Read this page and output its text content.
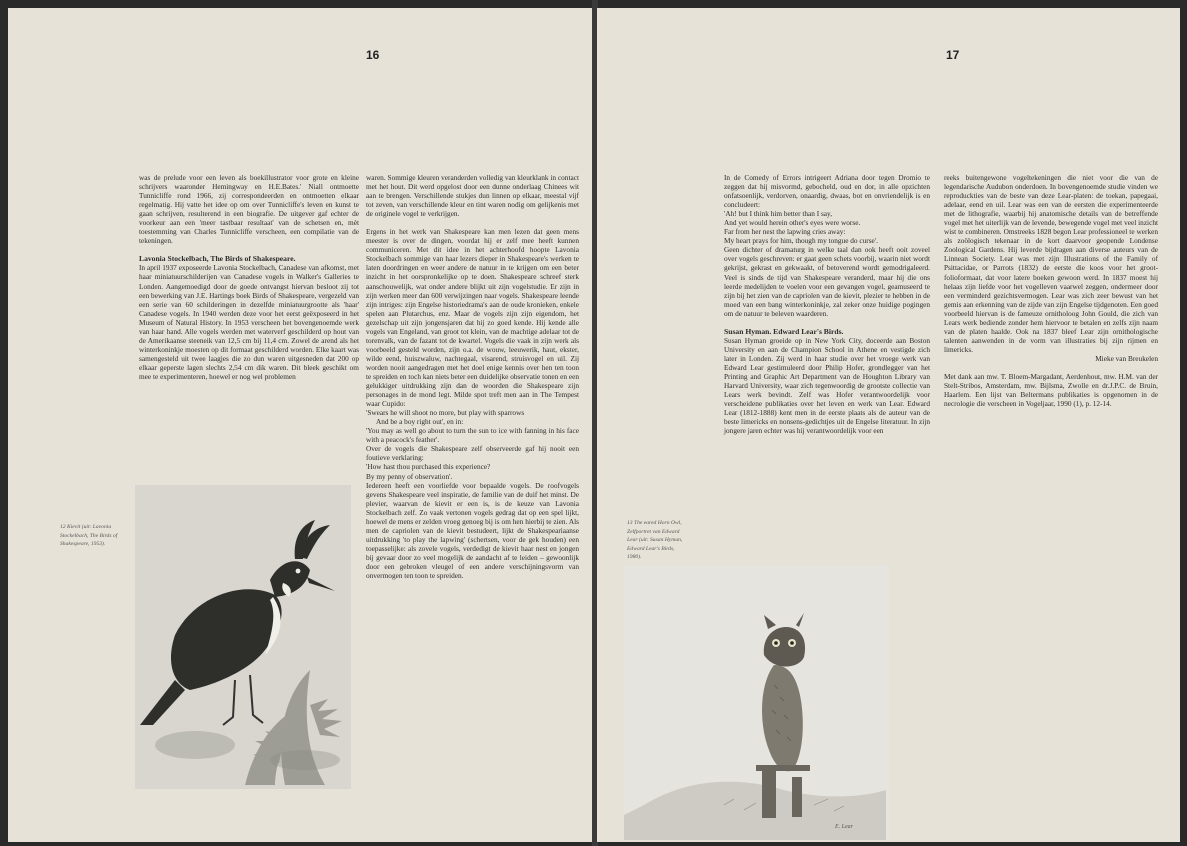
16

was de prelude voor een leven als boekillustrator voor grote en kleine schrijvers waaronder Hemingway en H.E.Bates.' Niall ontmoette Tunnicliffe rond 1966, zij correspondeerden en ontmoetten elkaar regelmatig. Hij vatte het idee op om over Tunnicliffe's leven en kunst te gaan schrijven, resulterend in een biografie. De uitgever gaf echter de voorkeur aan een 'meer tastbaar resultaat' van de schetsen en, mèt toestemming van Charles Tunnicliffe verscheen, een compilatie van de tekeningen.

Lavonia Stockelbach, The Birds of Shakespeare.

In april 1937 exposeerde Lavonia Stockelbach, Canadese van afkomst, met haar miniatuurschilderijen van Canadese vogels in Walker's Galleries te Londen. Aangemoedigd door de goede ontvangst hiervan besloot zij tot een bewerking van J.E. Hartings boek Birds of Shakespeare, vergezeld van een serie van 60 schilderingen in dezelfde miniatuurgrootte als 'haar' Canadese vogels. In 1940 werden deze voor het eerst geëxposeerd in het Museum of Natural History. In 1953 verscheen het bovengenoemde werk van haar hand. Alle vogels werden met waterverf geschilderd op hout van de Amerikaanse steeneik van 12,5 cm bij 11,4 cm. Zowel de arend als het winterkoninkje moesten op dit formaat geschilderd worden. Elke kaart was samengesteld uit twee laagjes die zo dun waren uitgesneden dat 200 op elkaar geperste lagen slechts 2,54 cm dik waren. Dit bleek geschikt om mee te experimenteren, hoewel er nog wel problemen

12 Kievit (uit: Lavonia Stockelbach, The Birds of Shakespeare, 1953).

waren. Sommige kleuren veranderden volledig van kleurklank in contact met het hout. Dit werd opgelost door een dunne onderlaag Chinees wit aan te brengen. Verschillende stukjes dun linnen op elkaar, meestal vijf tot zeven, van verschillende kleur en tint waren nodig om gelijkenis met de originele vogel te verkrijgen.

Ergens in het werk van Shakespeare kan men lezen dat geen mens meester is over de dingen, voordat hij er zelf mee heeft kunnen communiceren. Met dit idee in het achterhoofd hoopte Lavonia Stockelbach sommige van haar lezers dieper in Shakespeare's werken te laten doordringen en weer andere de natuur in te krijgen om een beter inzicht in het oorspronkelijke op te doen. Shakespeare schreef sterk aanschouwelijk, wat onder andere blijkt uit zijn vogelstudie. Er zijn in zijn werken meer dan 600 verwijzingen naar vogels. Shakespeare leende zijn intriges: zijn Engelse historiedrama's aan de oude kronieken, enkele spelen aan Plutarchus, enz. Maar de vogels zijn zijn eigendom, het gezelschap uit zijn jongensjaren dat hij zo goed kende. Hij kende alle vogels van Engeland, van groot tot klein, van de machtige adelaar tot de torenvalk, van de fazant tot de kwartel. Vogels die vaak in zijn werk als voorbeeld gesteld worden, zijn o.a. de wouw, leeuwerik, haut, ekster, wilde eend, huiszwaluw, nachtegaal, visarend, struisvogel en uil. Zij worden nooit aangedragen met het doel enige kennis over hen ten toon te spreiden en toch kan niets beter een duidelijke observatie tonen en een gelukkiger uitdrukking zijn dan de woorden die Shakespeare zijn personages in de mond legt. Milde spot treft men aan in The Tempest waar Cupido:

'Swears he will shoot no more, but play with sparrows

And be a boy right out', en in:

'You may as well go about to turn the sun to ice with fanning in his face with a peacock's feather'.

Over de vogels die Shakespeare zelf observeerde gaf hij nooit een foutieve verklaring:

'How hast thou purchased this experience?

By my penny of observation'.

Iedereen heeft een voorliefde voor bepaalde vogels. De roofvogels gevens Shakespeare veel inspiratie, de familie van de duif het minst. De plevier, waarvan de kievit er een is, is de keuze van Lavonia Stockelbach zelf. Zo vaak vertonen vogels gedrag dat op een spel lijkt, hoewel de mens er zelden vroeg genoeg bij is om hen hierbij te zien. Als men de capriolen van de kievit bestudeert, lijkt de Shakespeariaanse uitdrukking 'to play the lapwing' (schertsen, voor de gek houden) een toepasselijke: als zovele vogels, verdedigt de kievit haar nest en jongen bij gevaar door zo veel mogelijk de aandacht af te leiden – gewoonlijk door een gebroken vleugel of een andere verschijningsvorm van onvermogen ten toon te spreiden.

17

In de Comedy of Errors intrigeert Adriana door tegen Dromio te zeggen dat hij misvormd, gebocheld, oud en dor, in alle opzichten onfatsoenlijk, verdorven, onaardig, dwaas, bot en onvriendelijk is en concludeert:

'Ah! but I think him better than I say,

And yet would herein other's eyes were worse.

Far from her nest the lapwing cries away:

My heart prays for him, though my tongue do curse'.

Geen dichter of dramaturg in welke taal dan ook heeft ooit zoveel over vogels geschreven: er gaat geen schets voorbij, waarin niet wordt gekrijst, gekrast en gekwaakt, of betoverend wordt gemodrigaleerd. Veel is sinds de tijd van Shakespeare veranderd, maar hij die ons leerde medelijden te voelen voor een gevangen vogel, geamuseerd te zijn bij het zien van de capriolen van de kievit, plezier te hebben in de moed van een bang winterkoninkje, zal zeker onze huidige pogingen om de natuur te beleven waarderen.

Susan Hyman. Edward Lear's Birds.

Susan Hyman groeide op in New York City, doceerde aan Boston University en aan de Champion School in Athene en vestigde zich later in Londen. Zij werd in haar studie over het vroege werk van Edward Lear gestimuleerd door Philip Hofer, grondlegger van het Printing and Graphic Art Department van de Houghton Library van Harvard University, waar zich tegenwoordig de grootste collectie van Lears werk bevindt. Zelf was Hofer verantwoordelijk voor verscheidene publikaties over het leven en werk van Lear. Edward Lear (1812-1888) kent men in de eerste plaats als de auteur van de beste limericks en nonsens-gedichtjes uit de Engelse literatuur. In zijn jongere jaren echter was hij verantwoordelijk voor een

13 The eared Horn Owl, Zelfportret van Edward Lear (uit: Susan Hyman, Edward Lear's Birds, 1980).
E. Lear

reeks buitengewone vogeltekeningen die niet voor die van de legendarische Audubon onderdoen. In bovengenoemde studie vinden we reproduckties van de beste van deze Lear-platen: de toekan, papegaai, adelaar, eend en uil. Lear was een van de eersten die experimenteerde met de lithografie, waarbij hij anatomische details van de betreffende vogel met het uiterlijk van de levende, bewegende vogel met veel inzicht wist te combineren. Omstreeks 1828 begon Lear professioneel te werken als zoölogisch tekenaar in de kort daarvoor geopende Londense Zoological Gardens. Hij leverde bijdragen aan diverse auteurs van de Linnean Society. Lear was met zijn Illustrations of the Family of Psittacidae, or Parrots (1832) de eerste die koos voor het groot-folioformaat, dat voor latere boeken gewoon werd. In 1837 moest hij helaas zijn liefde voor het vogelleven vaarwel zeggen, ondermeer door een verminderd gezichtsvermogen. Lear was zich zeer bewust van het gemis aan erkenning van de zijde van zijn Engelse tijdgenoten. Een goed voorbeeld hiervan is de fameuze ornitholoog John Gould, die zich van Lears werk bediende zonder hem hiervoor te betalen en zelfs zijn naam van de platen haalde. Ook na 1837 bleef Lear zijn ornithologische talenten aanwenden in de vorm van illustraties bij zijn rijmen en limericks.

Mieke van Breukelen

Met dank aan mw. T. Bloem-Margadant, Aerdenhout, mw. H.M. van der Stelt-Stribos, Amsterdam, mw. Bijlsma, Zwolle en dr.J.P.C. de Bruin, Haarlem. Een lijst van Beltermans publikaties is opgenomen in de necrologie die verscheen in Vogeljaar, 1990 (1), p. 12-14.
